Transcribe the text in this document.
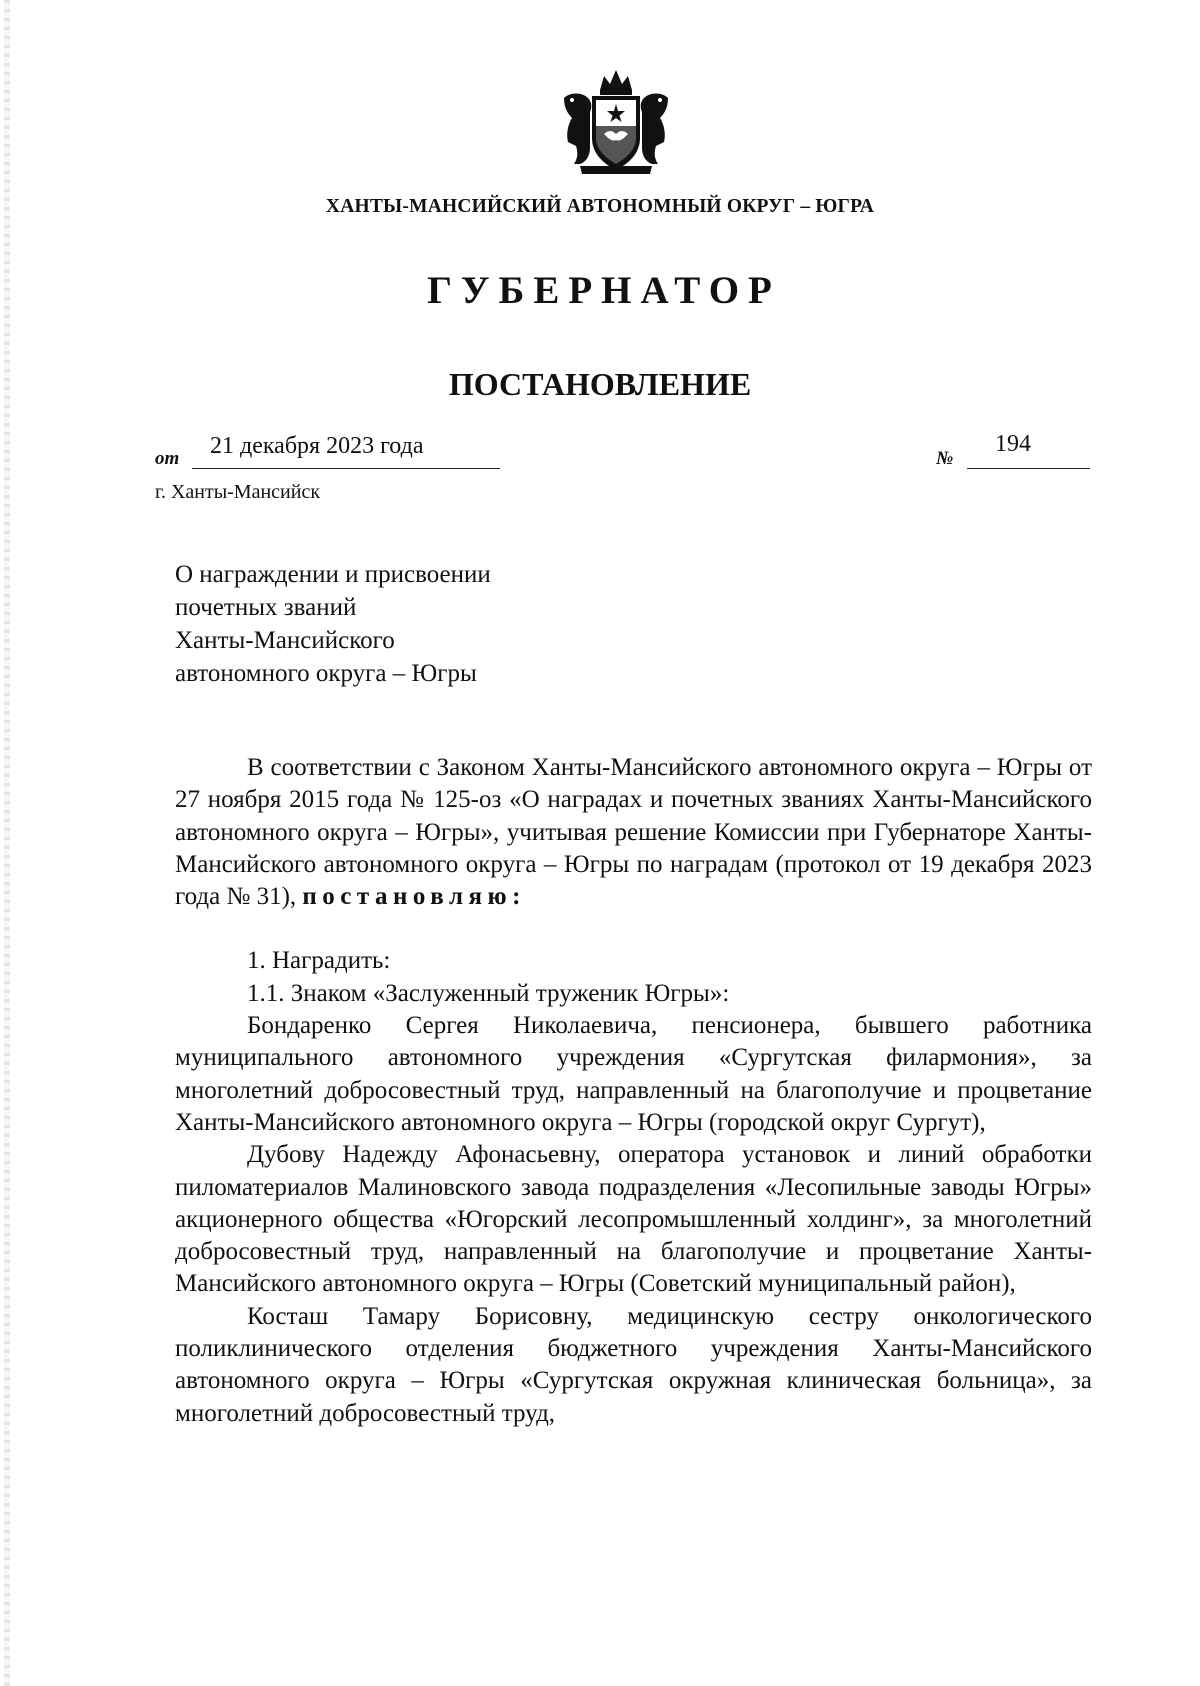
ХАНТЫ-МАНСИЙСКИЙ АВТОНОМНЫЙ ОКРУГ – ЮГРА
ГУБЕРНАТОР
ПОСТАНОВЛЕНИЕ
от 21 декабря 2023 года	№
194
г. Ханты-Мансийск
О награждении и присвоении
почетных званий
Ханты-Мансийского
автономного округа – Югры

В соответствии с Законом Ханты-Мансийского автономного округа – Югры от 27 ноября 2015 года № 125-оз «О наградах и почетных званиях Ханты-Мансийского автономного округа – Югры», учитывая решение Комиссии при Губернаторе Ханты-Мансийского автономного округа – Югры по наградам (протокол от 19 декабря 2023 года № 31), постановляю:

1. Наградить:

1.1. Знаком «Заслуженный труженик Югры»:

Бондаренко Сергея Николаевича, пенсионера, бывшего работника муниципального автономного учреждения «Сургутская филармония», за многолетний добросовестный труд, направленный на благополучие и процветание Ханты-Мансийского автономного округа – Югры (городской округ Сургут),

Дубову Надежду Афонасьевну, оператора установок и линий обработки пиломатериалов Малиновского завода подразделения «Лесопильные заводы Югры» акционерного общества «Югорский лесопромышленный холдинг», за многолетний добросовестный труд, направленный на благополучие и процветание Ханты-Мансийского автономного округа – Югры (Советский муниципальный район),

Косташ Тамару Борисовну, медицинскую сестру онкологического поликлинического отделения бюджетного учреждения Ханты-Мансийского автономного округа – Югры «Сургутская окружная клиническая больница», за многолетний добросовестный труд,
